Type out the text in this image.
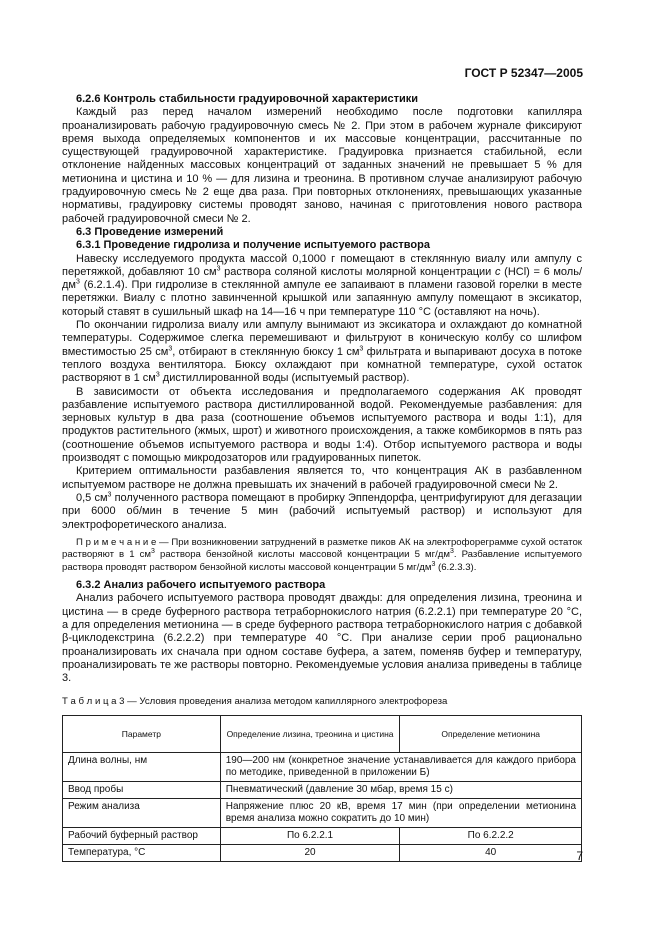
ГОСТ Р 52347—2005

6.2.6 Контроль стабильности градуировочной характеристики

Каждый раз перед началом измерений необходимо после подготовки капилляра проанализировать рабочую градуировочную смесь № 2. При этом в рабочем журнале фиксируют время выхода определяемых компонентов и их массовые концентрации, рассчитанные по существующей градуировочной характеристике. Градуировка признается стабильной, если отклонение найденных массовых концентраций от заданных значений не превышает 5 % для метионина и цистина и 10 % — для лизина и треонина. В противном случае анализируют рабочую градуировочную смесь № 2 еще два раза. При повторных отклонениях, превышающих указанные нормативы, градуировку системы проводят заново, начиная с приготовления нового раствора рабочей градуировочной смеси № 2.

6.3 Проведение измерений

6.3.1 Проведение гидролиза и получение испытуемого раствора

Навеску исследуемого продукта массой 0,1000 г помещают в стеклянную виалу или ампулу с перетяжкой, добавляют 10 $см^3$ раствора соляной кислоты молярной концентрации c (HCl) = 6 моль/$дм^3$ (6.2.1.4). При гидролизе в стеклянной ампуле ее запаивают в пламени газовой горелки в месте перетяжки. Виалу с плотно завинченной крышкой или запаянную ампулу помещают в эксикатор, который ставят в сушильный шкаф на 14—16 ч при температуре 110 °С (оставляют на ночь).

По окончании гидролиза виалу или ампулу вынимают из эксикатора и охлаждают до комнатной температуры. Содержимое слегка перемешивают и фильтруют в коническую колбу со шлифом вместимостью 25 $см^3$, отбирают в стеклянную бюксу 1 $см^3$ фильтрата и выпаривают досуха в потоке теплого воздуха вентилятора. Бюксу охлаждают при комнатной температуре, сухой остаток растворяют в 1 $см^3$ дистиллированной воды (испытуемый раствор).

В зависимости от объекта исследования и предполагаемого содержания АК проводят разбавление испытуемого раствора дистиллированной водой. Рекомендуемые разбавления: для зерновых культур в два раза (соотношение объемов испытуемого раствора и воды 1:1), для продуктов растительного (жмых, шрот) и животного происхождения, а также комбикормов в пять раз (соотношение объемов испытуемого раствора и воды 1:4). Отбор испытуемого раствора и воды производят с помощью микродозаторов или градуированных пипеток.

Критерием оптимальности разбавления является то, что концентрация АК в разбавленном испытуемом растворе не должна превышать их значений в рабочей градуировочной смеси № 2.

0,5 $см^3$ полученного раствора помещают в пробирку Эппендорфа, центрифугируют для дегазации при 6000 об/мин в течение 5 мин (рабочий испытуемый раствор) и используют для электрофоретического анализа.

П р и м е ч а н и е — При возникновении затруднений в разметке пиков АК на электрофореграмме сухой остаток растворяют в 1 $см^3$ раствора бензойной кислоты массовой концентрации 5 $мг/дм^3$. Разбавление испытуемого раствора проводят раствором бензойной кислоты массовой концентрации 5 $мг/дм^3$ (6.2.3.3).

6.3.2 Анализ рабочего испытуемого раствора

Анализ рабочего испытуемого раствора проводят дважды: для определения лизина, треонина и цистина — в среде буферного раствора тетраборнокислого натрия (6.2.2.1) при температуре 20 °С, а для определения метионина — в среде буферного раствора тетраборнокислого натрия с добавкой β-циклодекстрина (6.2.2.2) при температуре 40 °С. При анализе серии проб рационально проанализировать их сначала при одном составе буфера, а затем, поменяв буфер и температуру, проанализировать те же растворы повторно. Рекомендуемые условия анализа приведены в таблице 3.

Т а б л и ц а 3 — Условия проведения анализа методом капиллярного электрофореза

Параметр	Определение лизина, треонина и цистина	Определение метионина
Длина волны, нм	190—200 нм (конкретное значение устанавливается для каждого прибора по методике, приведенной в приложении Б)	
Ввод пробы	Пневматический (давление 30 мбар, время 15 с)	
Режим анализа	Напряжение плюс 20 кВ, время 17 мин (при определении метионина время анализа можно сократить до 10 мин)	
Рабочий буферный раствор	По 6.2.2.1	По 6.2.2.2
Температура, °С	20	40	7
